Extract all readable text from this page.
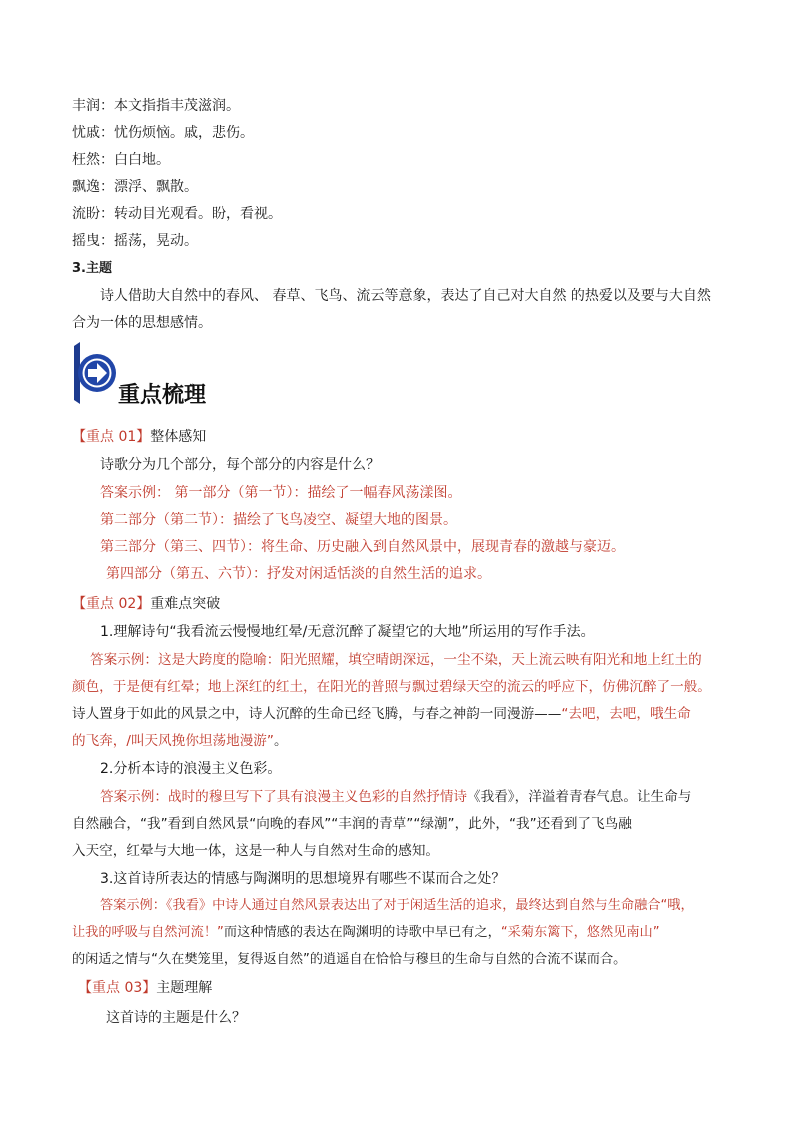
丰润：本文指指丰茂滋润。
忧戚：忧伤烦恼。戚，悲伤。
枉然：白白地。
飘逸：漂浮、飘散。
流盼：转动目光观看。盼，看视。
摇曳：摇荡，晃动。
3.主题
诗人借助大自然中的春风、 春草、飞鸟、流云等意象，表达了自己对大自然 的热爱以及要与大自然
合为一体的思想感情。
重点梳理
【重点 01】整体感知
诗歌分为几个部分，每个部分的内容是什么？
答案示例： 第一部分（第一节）：描绘了一幅春风荡漾图。
第二部分（第二节）：描绘了飞鸟凌空、凝望大地的图景。
第三部分（第三、四节）：将生命、历史融入到自然风景中，展现青春的激越与豪迈。
第四部分（第五、六节）：抒发对闲适恬淡的自然生活的追求。
【重点 02】重难点突破
1.理解诗句“我看流云慢慢地红晕/无意沉醉了凝望它的大地”所运用的写作手法。
答案示例：这是大跨度的隐喻：阳光照耀，填空晴朗深远，一尘不染，天上流云映有阳光和地上红土的
颜色，于是便有红晕；地上深红的红土，在阳光的普照与飘过碧绿天空的流云的呼应下，仿佛沉醉了一般。
诗人置身于如此的风景之中，诗人沉醉的生命已经飞腾，与春之神韵一同漫游——“去吧，去吧，哦生命
的飞奔，/叫天风挽你坦荡地漫游”。
2.分析本诗的浪漫主义色彩。
答案示例：战时的穆旦写下了具有浪漫主义色彩的自然抒情诗《我看》，洋溢着青春气息。让生命与
自然融合，“我”看到自然风景“向晚的春风”“丰润的青草”“绿潮”，此外，“我”还看到了飞鸟融
入天空，红晕与大地一体，这是一种人与自然对生命的感知。
3.这首诗所表达的情感与陶渊明的思想境界有哪些不谋而合之处？
答案示例：《我看》中诗人通过自然风景表达出了对于闲适生活的追求，最终达到自然与生命融合“哦，
让我的呼吸与自然河流！”而这种情感的表达在陶渊明的诗歌中早已有之，“采菊东篱下，悠然见南山”
的闲适之情与“久在樊笼里，复得返自然”的逍遥自在恰恰与穆旦的生命与自然的合流不谋而合。
【重点 03】主题理解
这首诗的主题是什么？
